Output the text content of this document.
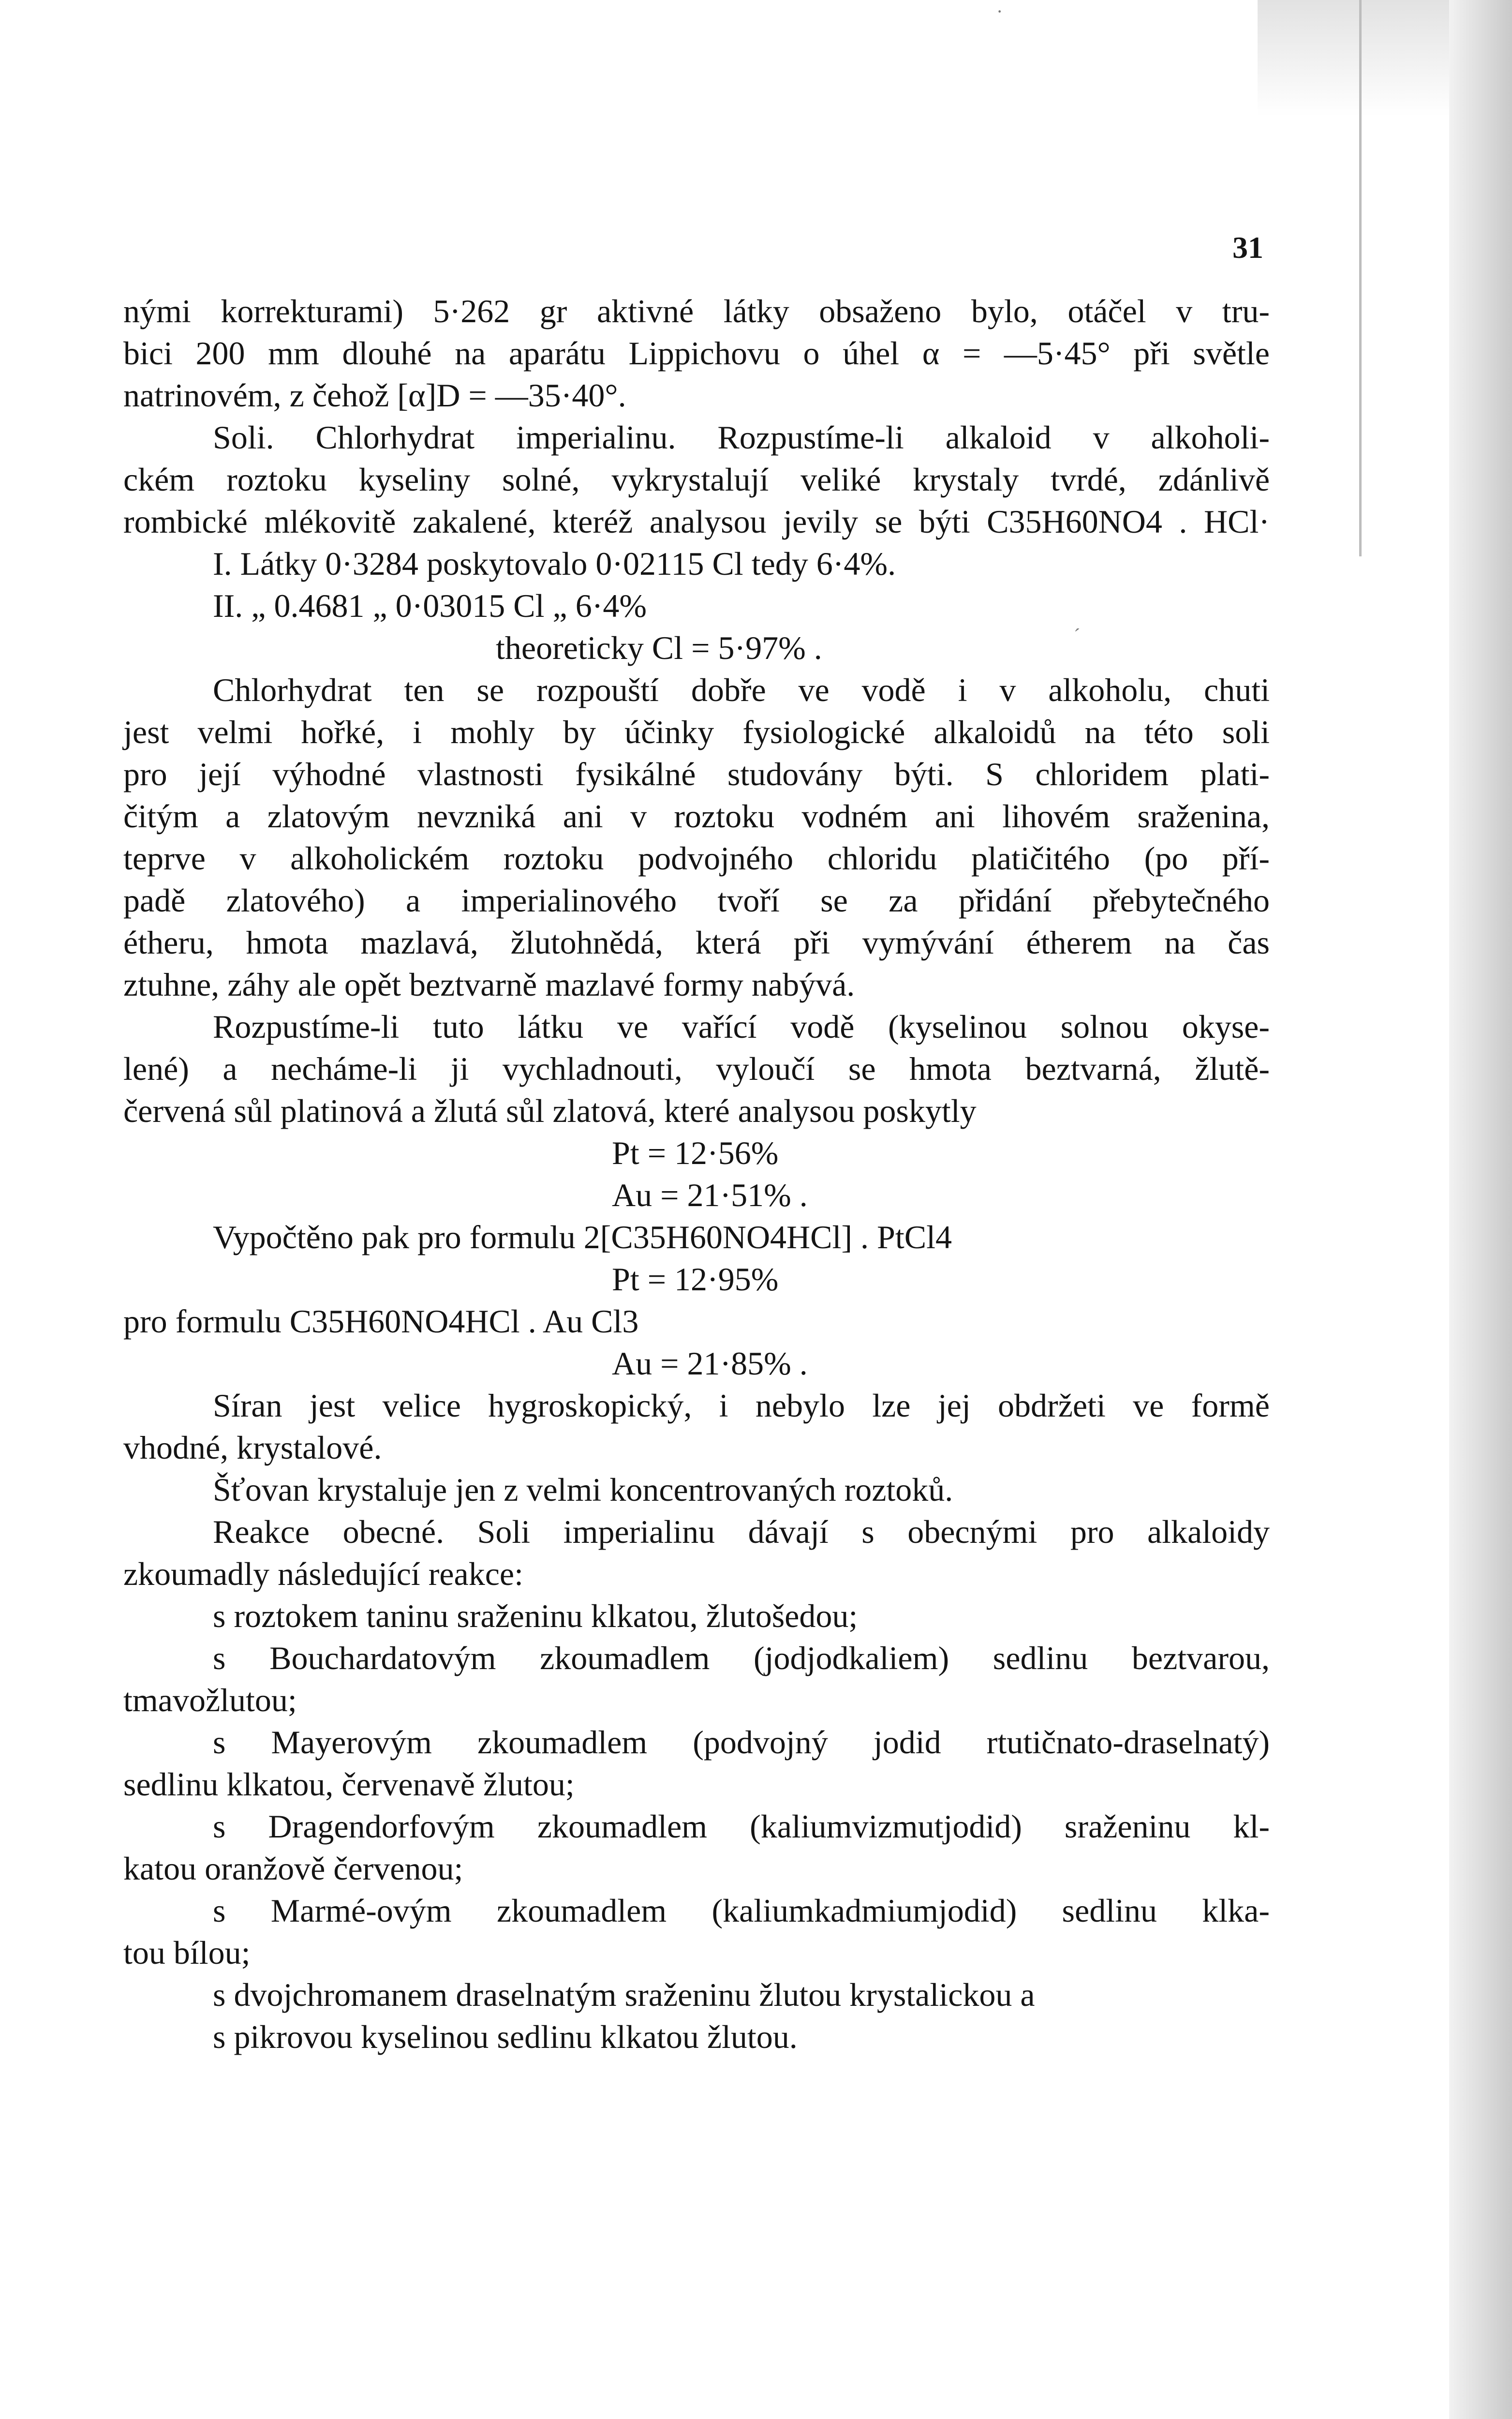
·
ˊ
31
nými korrekturami) 5·262 gr aktivné látky obsaženo bylo, otáčel v tru-
bici 200 mm dlouhé na aparátu Lippichovu o úhel α = —5·45° při světle
natrinovém, z čehož [α]D = —35·40°.
Soli. Chlorhydrat imperialinu. Rozpustíme-li alkaloid v alkoholi-
ckém roztoku kyseliny solné, vykrystalují veliké krystaly tvrdé, zdánlivě
rombické mlékovitě zakalené, kteréž analysou jevily se býti C35H60NO4 . HCl·
I. Látky 0·3284 poskytovalo 0·02115 Cl tedy 6·4%.
II. „ 0.4681 „ 0·03015 Cl „ 6·4%
theoreticky Cl = 5·97% .
Chlorhydrat ten se rozpouští dobře ve vodě i v alkoholu, chuti
jest velmi hořké, i mohly by účinky fysiologické alkaloidů na této soli
pro její výhodné vlastnosti fysikálné studovány býti. S chloridem plati-
čitým a zlatovým nevzniká ani v roztoku vodném ani lihovém sraženina,
teprve v alkoholickém roztoku podvojného chloridu platičitého (po pří-
padě zlatového) a imperialinového tvoří se za přidání přebytečného
étheru, hmota mazlavá, žlutohnědá, která při vymývání étherem na čas
ztuhne, záhy ale opět beztvarně mazlavé formy nabývá.
Rozpustíme-li tuto látku ve vařící vodě (kyselinou solnou okyse-
lené) a necháme-li ji vychladnouti, vyloučí se hmota beztvarná, žlutě-
červená sůl platinová a žlutá sůl zlatová, které analysou poskytly
Pt = 12·56%
Au = 21·51% .
Vypočtěno pak pro formulu 2[C35H60NO4HCl] . PtCl4
Pt = 12·95%
pro formulu C35H60NO4HCl . Au Cl3
Au = 21·85% .
Síran jest velice hygroskopický, i nebylo lze jej obdržeti ve formě
vhodné, krystalové.
Šťovan krystaluje jen z velmi koncentrovaných roztoků.
Reakce obecné. Soli imperialinu dávají s obecnými pro alkaloidy
zkoumadly následující reakce:
s roztokem taninu sraženinu klkatou, žlutošedou;
s Bouchardatovým zkoumadlem (jodjodkaliem) sedlinu beztvarou,
tmavožlutou;
s Mayerovým zkoumadlem (podvojný jodid rtutičnato-draselnatý)
sedlinu klkatou, červenavě žlutou;
s Dragendorfovým zkoumadlem (kaliumvizmutjodid) sraženinu kl-
katou oranžově červenou;
s Marmé-ovým zkoumadlem (kaliumkadmiumjodid) sedlinu klka-
tou bílou;
s dvojchromanem draselnatým sraženinu žlutou krystalickou a
s pikrovou kyselinou sedlinu klkatou žlutou.
